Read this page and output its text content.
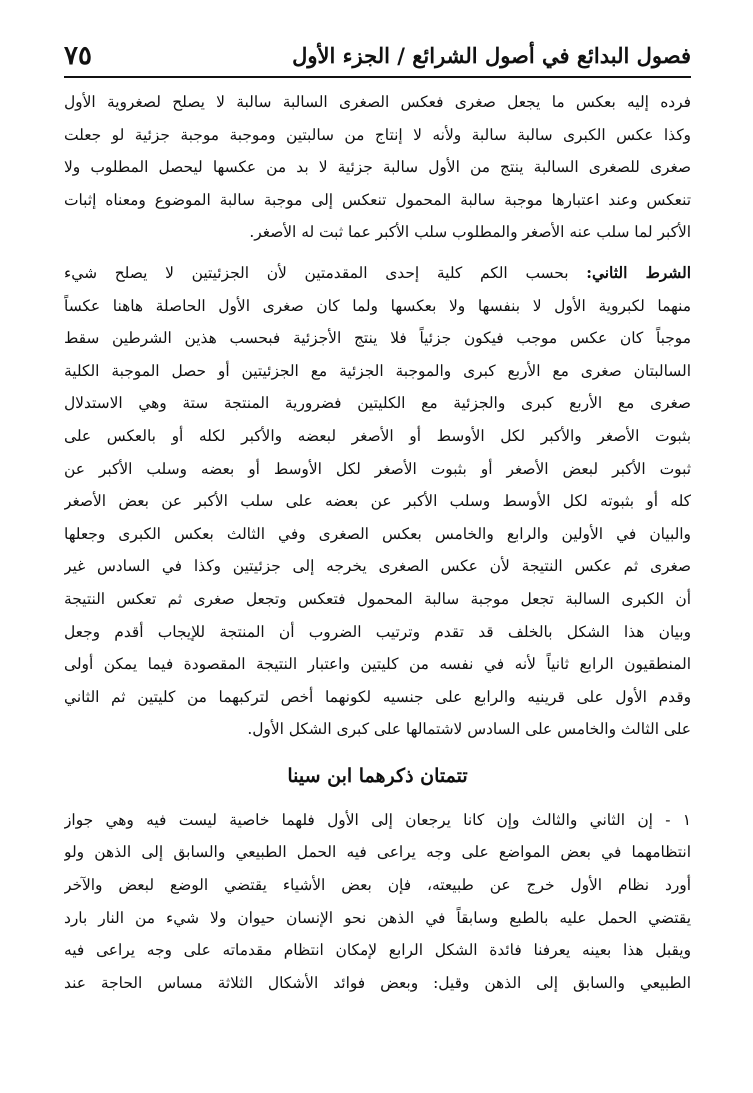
فصول البدائع في أصول الشرائع / الجزء الأول
٧٥
فرده إليه بعكس ما يجعل صغرى فعكس الصغرى السالبة سالبة لا يصلح لصغروية الأول
وكذا عكس الكبرى سالبة سالبة ولأنه لا إنتاج من سالبتين وموجبة موجبة جزئية لو جعلت
صغرى للصغرى السالبة ينتج من الأول سالبة جزئية لا بد من عكسها ليحصل المطلوب ولا
تنعكس وعند اعتبارها موجبة سالبة المحمول تنعكس إلى موجبة سالبة الموضوع ومعناه إثبات
الأكبر لما سلب عنه الأصغر والمطلوب سلب الأكبر عما ثبت له الأصغر.
الشرط الثاني: بحسب الكم كلية إحدى المقدمتين لأن الجزئيتين لا يصلح شيء
منهما لكبروية الأول لا بنفسها ولا بعكسها ولما كان صغرى الأول الحاصلة هاهنا عكساً
موجباً كان عكس موجب فيكون جزئياً فلا ينتج الأجزئية فبحسب هذين الشرطين سقط
السالبتان صغرى مع الأربع كبرى والموجبة الجزئية مع الجزئيتين أو حصل الموجبة الكلية
صغرى مع الأربع كبرى والجزئية مع الكليتين فضرورية المنتجة ستة وهي الاستدلال
بثبوت الأصغر والأكبر لكل الأوسط أو الأصغر لبعضه والأكبر لكله أو بالعكس على
ثبوت الأكبر لبعض الأصغر أو بثبوت الأصغر لكل الأوسط أو بعضه وسلب الأكبر عن
كله أو بثبوته لكل الأوسط وسلب الأكبر عن بعضه على سلب الأكبر عن بعض الأصغر
والبيان في الأولين والرابع والخامس بعكس الصغرى وفي الثالث بعكس الكبرى وجعلها
صغرى ثم عكس النتيجة لأن عكس الصغرى يخرجه إلى جزئيتين وكذا في السادس غير
أن الكبرى السالبة تجعل موجبة سالبة المحمول فتعكس وتجعل صغرى ثم تعكس النتيجة
وبيان هذا الشكل بالخلف قد تقدم وترتيب الضروب أن المنتجة للإيجاب أقدم وجعل
المنطقيون الرابع ثانياً لأنه في نفسه من كليتين واعتبار النتيجة المقصودة فيما يمكن أولى
وقدم الأول على قرينيه والرابع على جنسيه لكونهما أخص لتركبهما من كليتين ثم الثاني
على الثالث والخامس على السادس لاشتمالها على كبرى الشكل الأول.
تتمتان ذكرهما ابن سينا
١ - إن الثاني والثالث وإن كانا يرجعان إلى الأول فلهما خاصية ليست فيه وهي جواز
انتظامهما في بعض المواضع على وجه يراعى فيه الحمل الطبيعي والسابق إلى الذهن ولو
أورد نظام الأول خرج عن طبيعته، فإن بعض الأشياء يقتضي الوضع لبعض والآخر
يقتضي الحمل عليه بالطبع وسابقاً في الذهن نحو الإنسان حيوان ولا شيء من النار بارد
ويقبل هذا بعينه يعرفنا فائدة الشكل الرابع لإمكان انتظام مقدماته على وجه يراعى فيه
الطبيعي والسابق إلى الذهن وقيل: وبعض فوائد الأشكال الثلاثة مساس الحاجة عند
